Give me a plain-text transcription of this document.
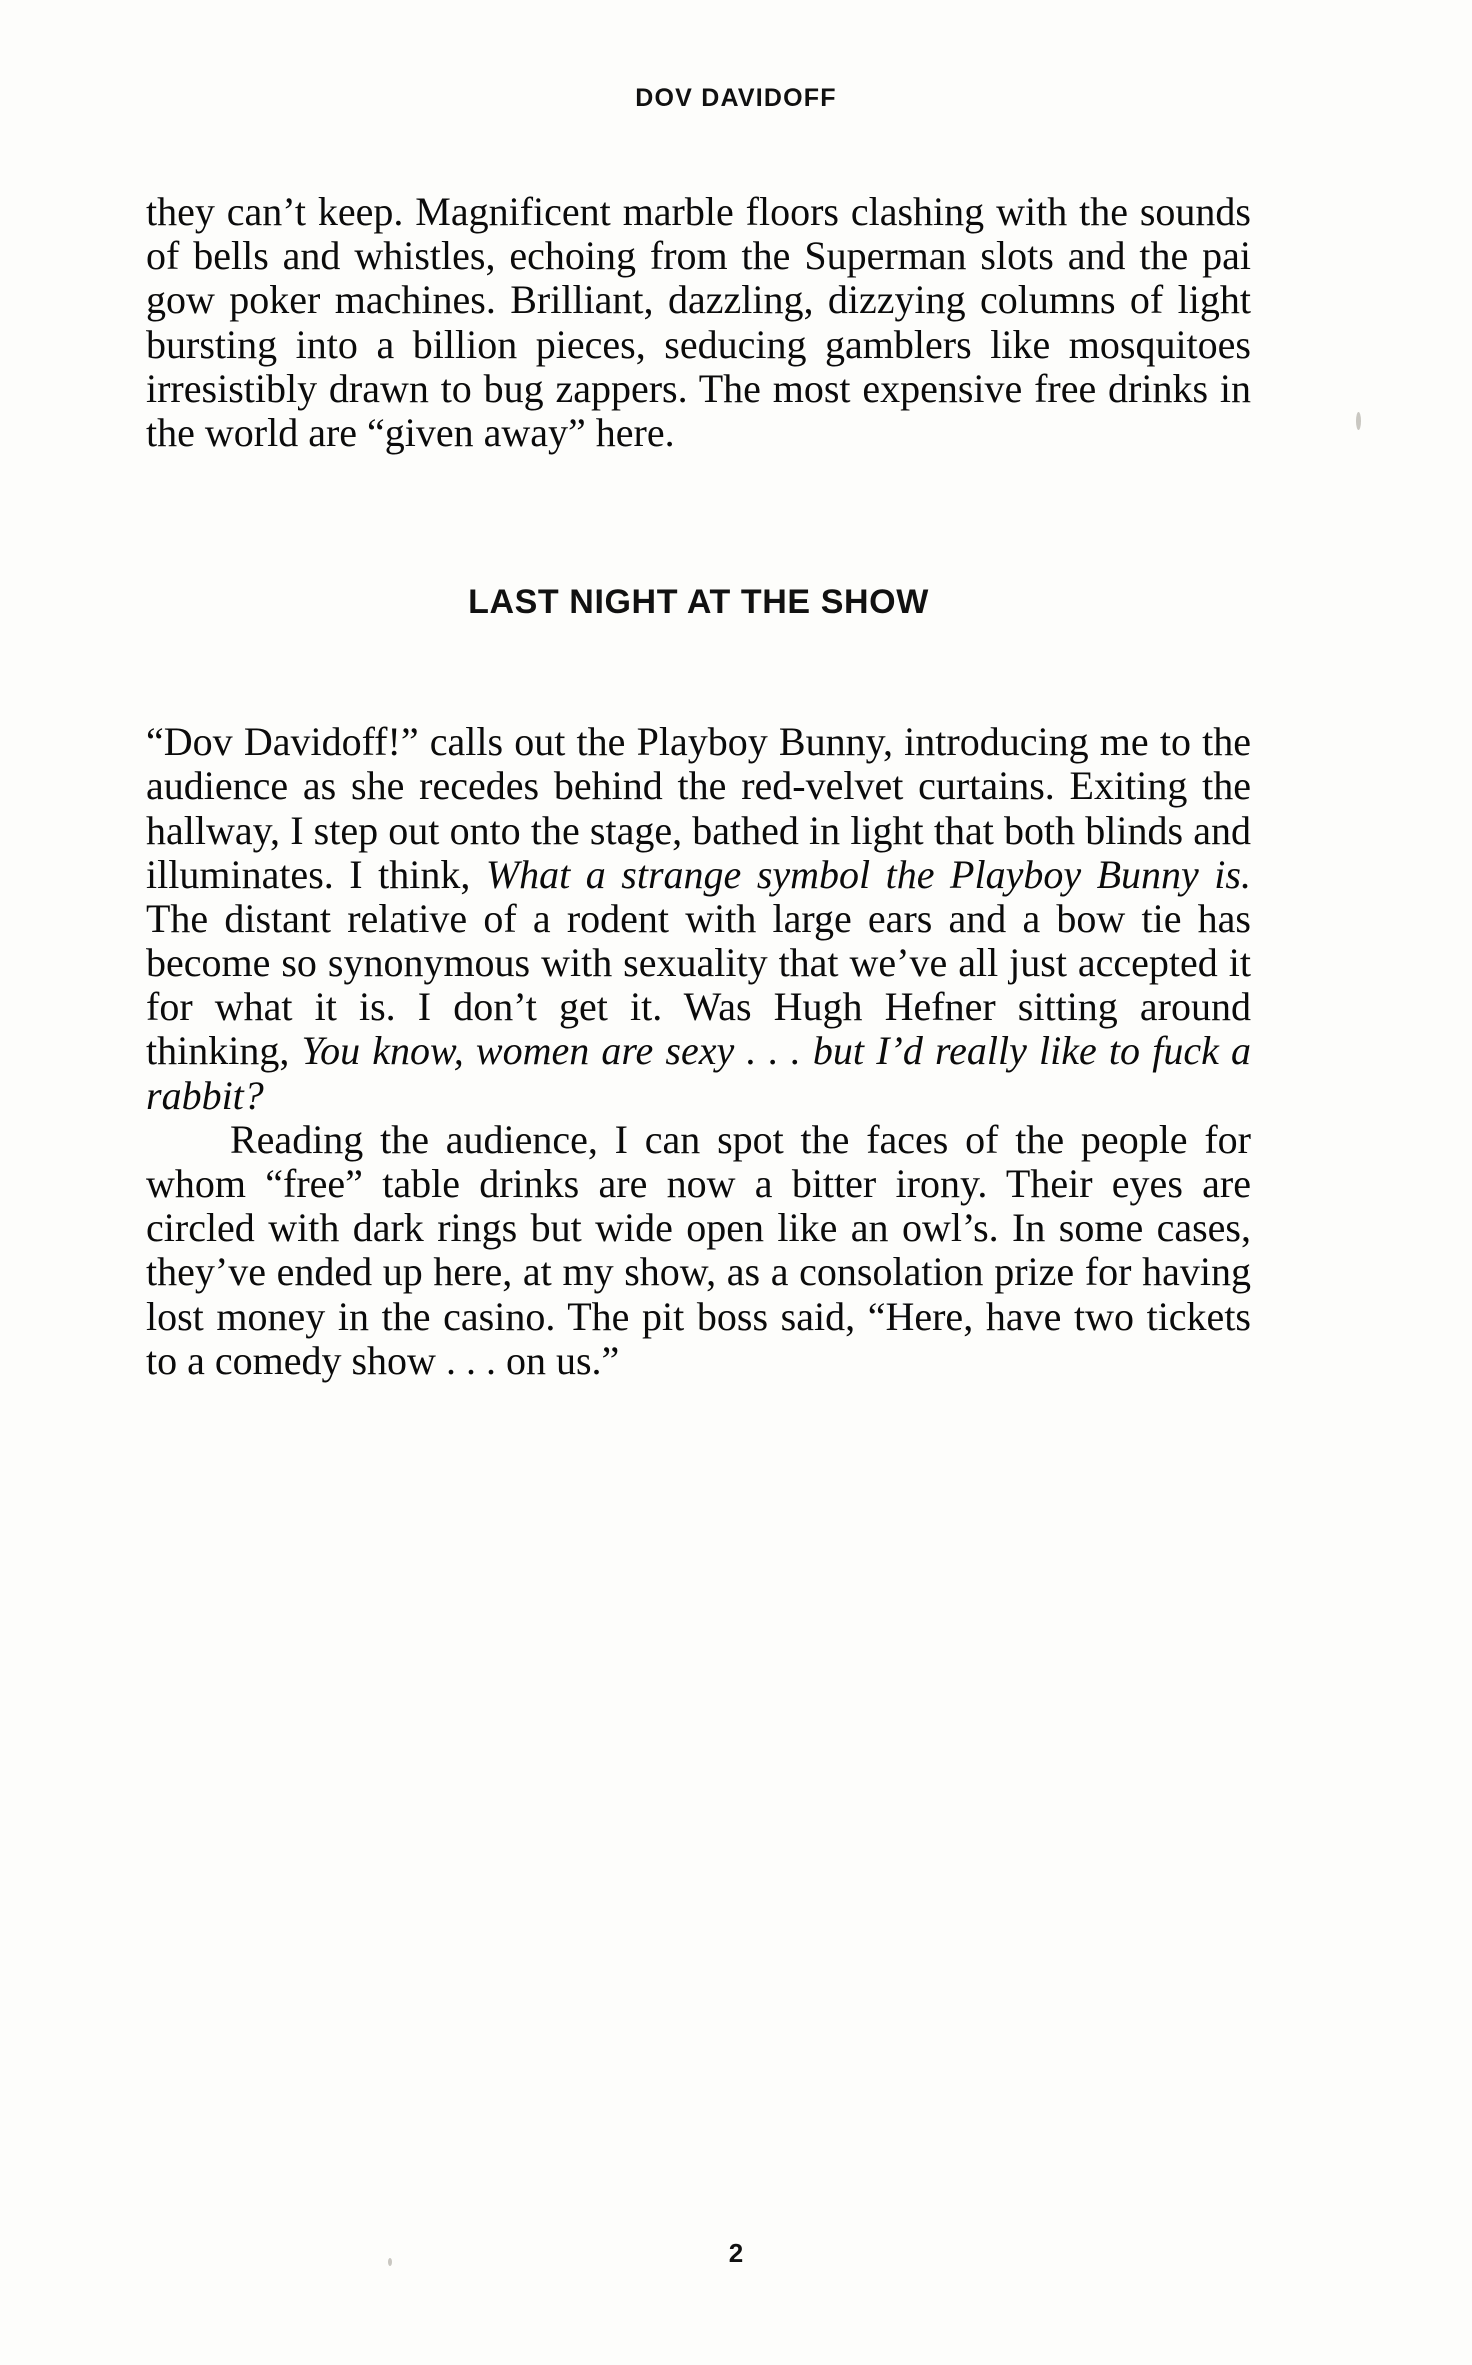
DOV DAVIDOFF

they can’t keep. Magnificent marble floors clashing with the sounds of bells and whistles, echoing from the Superman slots and the pai gow poker machines. Brilliant, dazzling, dizzying columns of light bursting into a billion pieces, seducing gamblers like mosquitoes irresistibly drawn to bug zappers. The most expensive free drinks in the world are “given away” here.

LAST NIGHT AT THE SHOW

“Dov Davidoff!” calls out the Playboy Bunny, introducing me to the audience as she recedes behind the red-velvet curtains. Exiting the hallway, I step out onto the stage, bathed in light that both blinds and illuminates. I think, What a strange symbol the Playboy Bunny is. The distant relative of a rodent with large ears and a bow tie has become so synonymous with sexuality that we’ve all just accepted it for what it is. I don’t get it. Was Hugh Hefner sitting around thinking, You know, women are sexy . . . but I’d really like to fuck a rabbit?

Reading the audience, I can spot the faces of the people for whom “free” table drinks are now a bitter irony. Their eyes are circled with dark rings but wide open like an owl’s. In some cases, they’ve ended up here, at my show, as a consolation prize for having lost money in the casino. The pit boss said, “Here, have two tickets to a comedy show . . . on us.”

2
